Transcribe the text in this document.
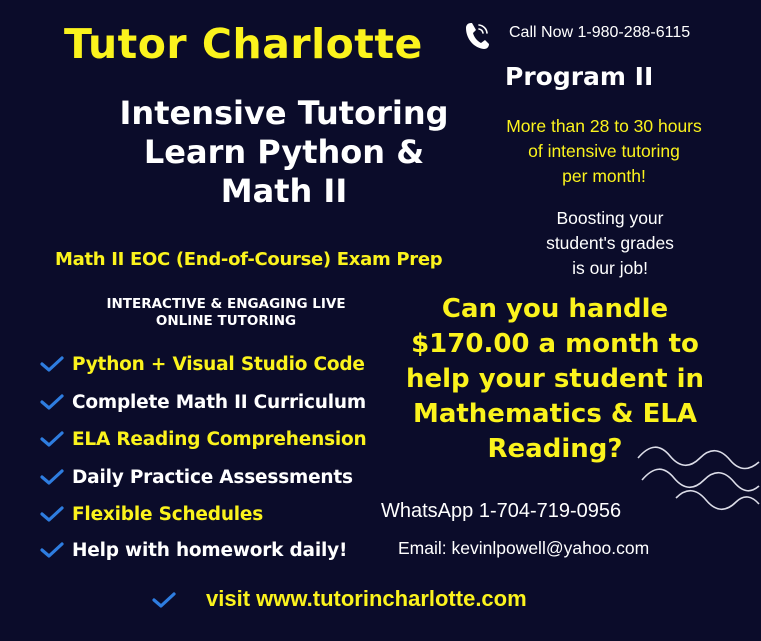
Tutor Charlotte
Intensive Tutoring
Learn Python &
Math II
Math II EOC (End-of-Course) Exam Prep
INTERACTIVE & ENGAGING LIVE
ONLINE TUTORING
Python + Visual Studio Code
Complete Math II Curriculum
ELA Reading Comprehension
Daily Practice Assessments
Flexible Schedules
Help with homework daily!
Call Now 1-980-288-6115
Program II
More than 28 to 30 hours
of intensive tutoring
per month!
Boosting your
student's grades
is our job!
Can you handle
$170.00 a month to
help your student in
Mathematics & ELA
Reading?
WhatsApp 1-704-719-0956
Email: kevinlpowell@yahoo.com
visit www.tutorincharlotte.com
